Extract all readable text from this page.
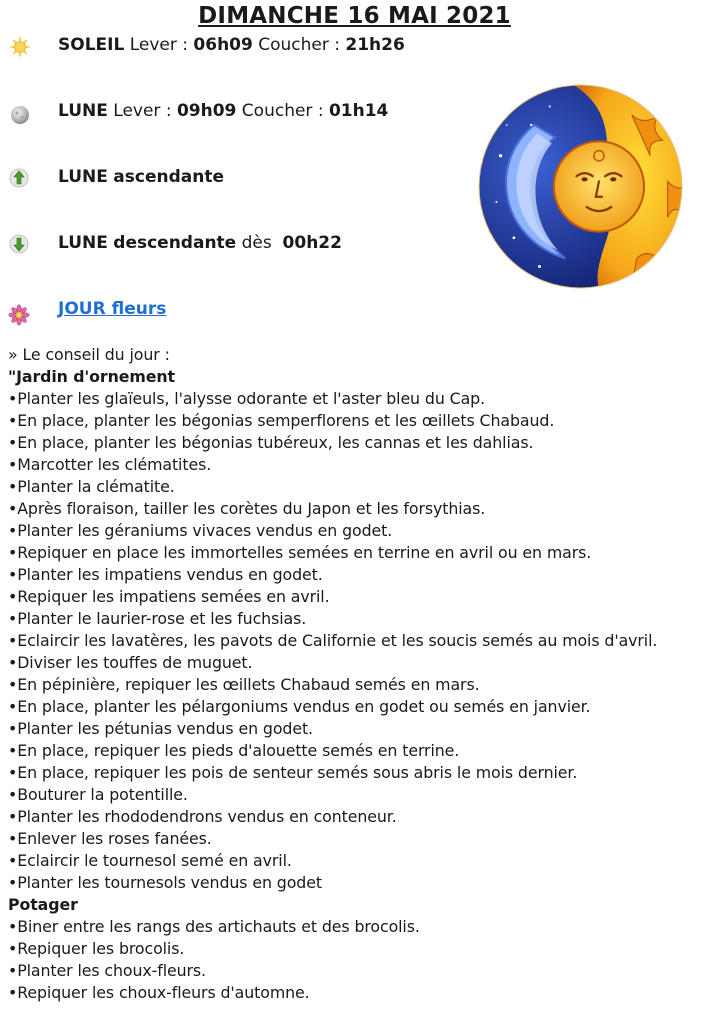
DIMANCHE 16 MAI 2021
SOLEIL Lever : 06h09 Coucher : 21h26
LUNE Lever : 09h09 Coucher : 01h14
LUNE ascendante
LUNE descendante dès 00h22
JOUR fleurs
» Le conseil du jour :
"Jardin d'ornement
•Planter les glaïeuls, l'alysse odorante et l'aster bleu du Cap.
•En place, planter les bégonias semperflorens et les œillets Chabaud.
•En place, planter les bégonias tubéreux, les cannas et les dahlias.
•Marcotter les clématites.
•Planter la clématite.
•Après floraison, tailler les corètes du Japon et les forsythias.
•Planter les géraniums vivaces vendus en godet.
•Repiquer en place les immortelles semées en terrine en avril ou en mars.
•Planter les impatiens vendus en godet.
•Repiquer les impatiens semées en avril.
•Planter le laurier-rose et les fuchsias.
•Eclaircir les lavatères, les pavots de Californie et les soucis semés au mois d'avril.
•Diviser les touffes de muguet.
•En pépinière, repiquer les œillets Chabaud semés en mars.
•En place, planter les pélargoniums vendus en godet ou semés en janvier.
•Planter les pétunias vendus en godet.
•En place, repiquer les pieds d'alouette semés en terrine.
•En place, repiquer les pois de senteur semés sous abris le mois dernier.
•Bouturer la potentille.
•Planter les rhododendrons vendus en conteneur.
•Enlever les roses fanées.
•Eclaircir le tournesol semé en avril.
•Planter les tournesols vendus en godet
Potager
•Biner entre les rangs des artichauts et des brocolis.
•Repiquer les brocolis.
•Planter les choux-fleurs.
•Repiquer les choux-fleurs d'automne.
